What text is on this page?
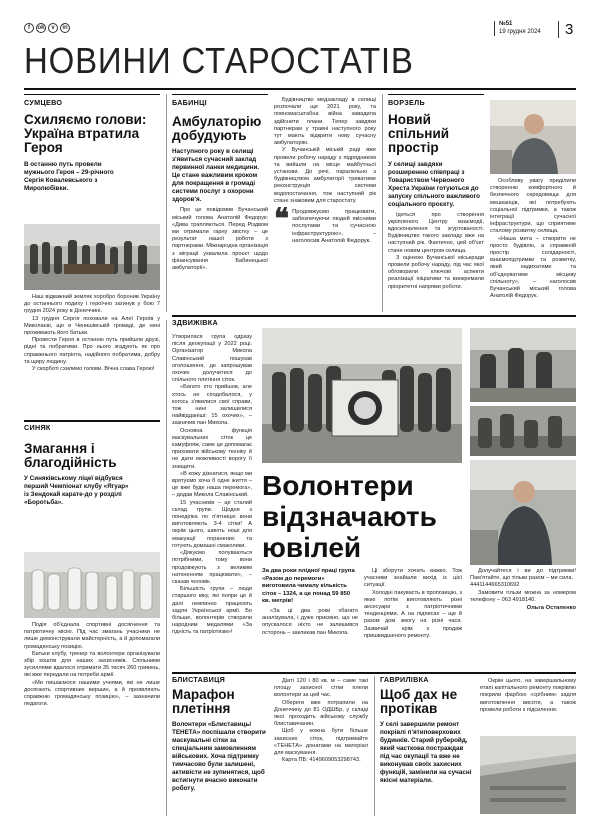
f	ok	v	in
№51
19 грудня 2024	3
НОВИНИ СТАРОСТАТІВ
СУМЦЕВО
Схиляємо голови: Україна втратила Героя
В останню путь провели мужнього Героя – 29-річного Сергія Ковалевського з Миролюбівки.

Наш відважний земляк хоробро боронив Україну до останнього подиху і героїчно загинув у бою 7 грудня 2024 року в Донеччині.

13 грудня Сергія поховали на Алеї Героїв у Миколаєві, що в Ченишівській громаді, де нині проживають його батьки.

Провести Героя в останню путь прийшли друзі, рідні та побратими. Про нього згадують як про справжнього патріота, надійного побратима, добру та щиру людину.

У скорботі схилимо голови. Вічна слава Герою!

БАБИНЦІ
Амбулаторію добудують
Наступного року в селищі з'явиться сучасний заклад первинної ланки медицини. Це стане важливим кроком для покращення в громаді системи послуг з охорони здоров'я.

Про це повідомив Бучанський міський голова Анатолій Федорук: «Дива трапляються. Перед Різдвом ми отримали гарну звістку – це результат нашої роботи з партнерами. Міжнародна організація з міграції ухвалила проєкт щодо фінансування Бабинецької амбулаторії».

Будівництво медзакладу в селищі розпочали ще 2021 року, та повномасштабна війна завадила здійснити плани. Тепер завдяки партнерам у травні наступного року тут мають відкрити нову сучасну амбулаторію.

У Бучанській міській раді вже провели робочу нараду з підрядником та вийшли на місце майбутньої установи. До речі, паралельно з будівництвом амбулаторії триватиме реконструкція системи водопостачання, тож наступний рік стане знаковим для старостату.

❝ Продовжуємо працювати, забезпечуючи людей якісними послугами та сучасною інфраструктурою», – наголосив Анатолій Федорук.
ВОРЗЕЛЬ
Новий спільний простір
У селищі завдяки розширенню співпраці з Товариством Червоного Хреста України готуються до запуску спільного важливого соціального проєкту.

Ідеться про створення укріпленого Центру взаємодії, вдосконалення та згуртованості. Будівництво такого закладу вже на наступний рік. Фактично, цей об'єкт стане новим центром селища.

З оцінкою Бучанської міськради провели робочу нараду, під час якої обговорили ключові аспекти реалізації ініціативи та виокремили пріоритетні напрями роботи.

Особливу увагу приділили створенню комфортного й безпечного середовища для мешканців, які потребують соціальної підтримки, а також інтеграції сучасної інфраструктури, що сприятиме сталому розвитку селища.

«Наша мета – створити не просто будівлю, а справжній простір солідарності, взаємопідтримки та розвитку, який надихатиме та об'єднуватиме місцеву спільноту», – наголосив Бучанський міський голова Анатолій Федорук.

ЗДВИЖІВКА

Утворилася група одразу після деокупації у 2022 році. Організатор Микола Славінський пошукав оголошення, де запрошував охочих долучитися до спільного плетіння сіток.

«Багато хто прийшов, але хтось не сподобалося, у когось з'явилися свої справи, тож нині залишилися найвідданіші: 15 охочих», – зазначив пан Микола.

Основна функція маскувальних сіток це камуфляж, саме це допомагає приховати військову техніку й не дати можливості ворогу її знищити.

«В кожу дізнатися, якщо ми врятуємо хоча б одне життя – це вже буде наша перемога», – додав Микола Славінський.

15 учасників – це сталий склад групи. Щодня з понеділка по п'ятницю вони виготовляють 3-4 сітки! А окрім цього, шиють ноші для евакуації поранених та готують домашні смаколики.

«Дякуємо полуваються потрібними, тому вони продовжують з великим натхненням працювати», – сказав чоловік.

Більшість групи – люди старшого віку, які попри це й далі невпинно працюють задля Української армії. Бо більше, волонтерів створили народним медалями «За гідність та патріотизм»!

Волонтери відзначають ювілей
За два роки плідної праці група «Разом до перемоги» виготовила чималу кількість сіток – 1324, а це понад 59 850 кв. метрів!

«За ці два роки хбагато аналізувала, і дуже приємно, що не опускалося ніхто не залишився осторонь – закликав пан Микола.

Ці зборути хочать важко. Тож учасники знайшли вихід із цієї ситуації.

Холодні пакувасть в пропозицію, з яких потім виготовляють різні аксесуари з патріотичними тенденціями. А на підписах – ще й разом дом змогу на різні часи. Зазвичай крім з продаж пришвидшеного ремонту.

Долучайтеся і ви до підтримки! Пам'ятайте, що тільки разом – ми сила.

4441144665310692

Замовити гільзи можна за номером телефону – 063 4918140.

Ольга Остапенко

СИНЯК
Змагання і благодійність
У Синяківському ліцеї відбувся перший Чемпіонат клубу «Ягуар» із Зендокай карате-до у розділі «Боротьба».

Подія об'єднала спортивні досягнення та патріотичну місію. Під час змагань учасники не лише демонстрували майстерність, а й допомагали громадянську позицію.

Батьки клубу, тренер та волонтери організували збір коштів для наших захисників. Спільними зусиллями вдалося отримати 35 тисяч 260 гривень, які вже передали на потреби армії.

«Ми пишаємося нашими учнями, які не лише досягають спортивних вершин, а й проявляють справжню громадянську позицію», – зазначили педагоги.

БЛИСТАВИЦЯ
Марафон плетіння
Волонтери «Блиставицьі ТЕНЕТА» поспішали створити маскувальні сітки за спеціальним замовленням військових. Хоча підтримку тимчасово були залишені, активісти не зупинятися, щоб встигнути вчасно виконати роботу.

Діаті 120 і 80 кв. м – саме такі площу захисної сітки плели волонтери за цей час.

Обереги вже потрапили на Донеччину до 81 ОДШБр, у складі якої проходить військову службу блиставичанин.

Щоб у кожна бути більше захисних сіток, підтримайте «ТЕНЕТА» донатами на матеріал для маскування.

Карта ПБ: 4149609053298743.

ГАВРИЛІВКА
Щоб дах не протікав
У селі завершили ремонт покрівлі п'ятиповерхових будинків. Старий руберойд, який часткова постраждав під час окупації та вже не виконував своїх захисних функцій, замінили на сучасні якісні матеріали.

Окрім цього, на завершальному етапі капітального ремонту покрівлю покрили фарбою «срібним» задля виготовлення висоти, а також провели роботи з підсилення.
